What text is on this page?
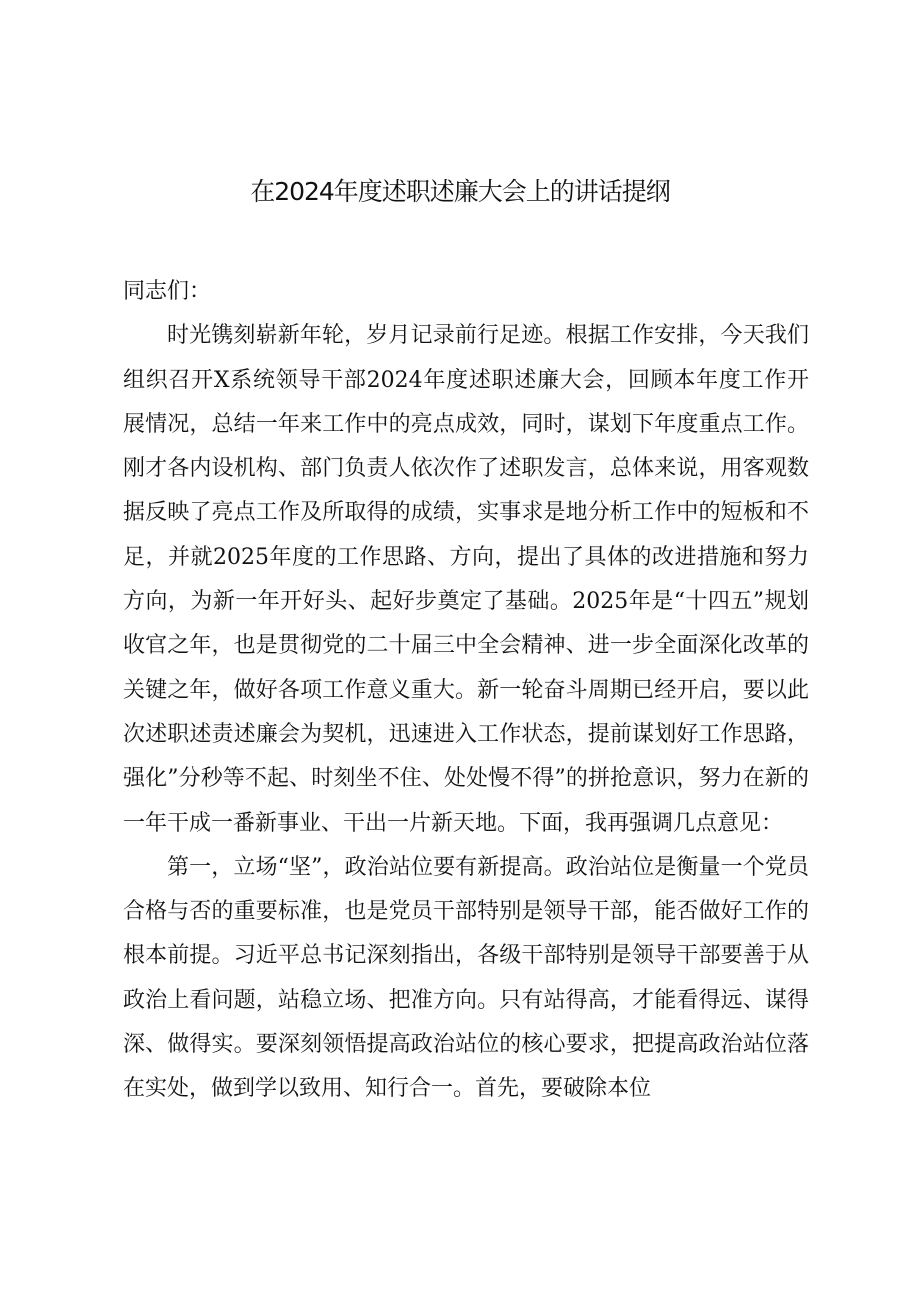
在2024年度述职述廉大会上的讲话提纲

同志们：

时光镌刻崭新年轮，岁月记录前行足迹。根据工作安排，今天我们组织召开X系统领导干部2024年度述职述廉大会，回顾本年度工作开展情况，总结一年来工作中的亮点成效，同时，谋划下年度重点工作。刚才各内设机构、部门负责人依次作了述职发言，总体来说，用客观数据反映了亮点工作及所取得的成绩，实事求是地分析工作中的短板和不足，并就2025年度的工作思路、方向，提出了具体的改进措施和努力方向，为新一年开好头、起好步奠定了基础。2025年是“十四五”规划收官之年，也是贯彻党的二十届三中全会精神、进一步全面深化改革的关键之年，做好各项工作意义重大。新一轮奋斗周期已经开启，要以此次述职述责述廉会为契机，迅速进入工作状态，提前谋划好工作思路，强化”分秒等不起、时刻坐不住、处处慢不得”的拼抢意识，努力在新的一年干成一番新事业、干出一片新天地。下面，我再强调几点意见：

第一，立场“坚”，政治站位要有新提高。政治站位是衡量一个党员合格与否的重要标准，也是党员干部特别是领导干部，能否做好工作的根本前提。习近平总书记深刻指出，各级干部特别是领导干部要善于从政治上看问题，站稳立场、把准方向。只有站得高，才能看得远、谋得深、做得实。要深刻领悟提高政治站位的核心要求，把提高政治站位落在实处，做到学以致用、知行合一。首先，要破除本位
